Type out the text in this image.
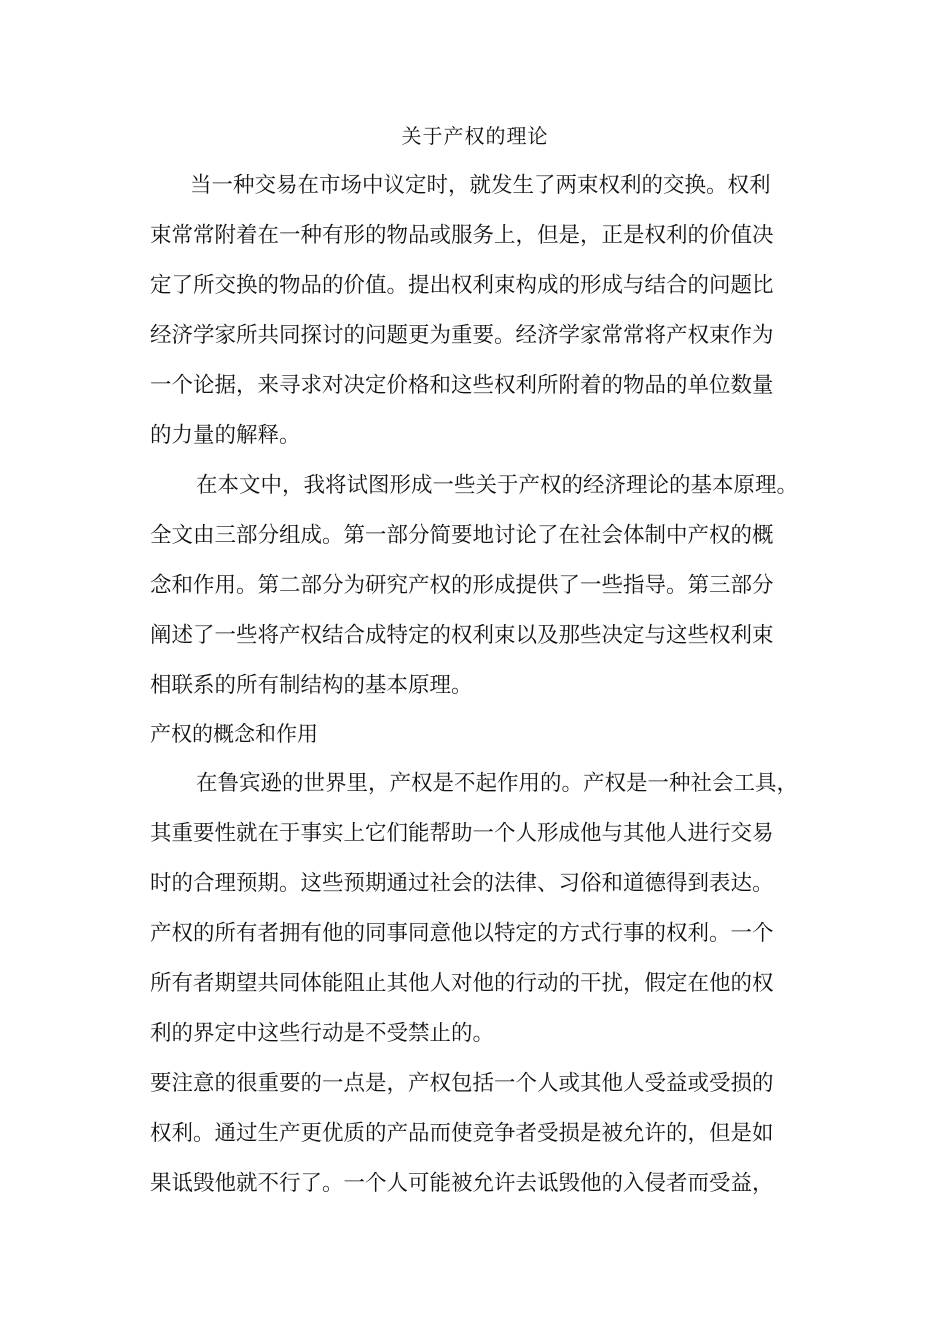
关于产权的理论
当一种交易在市场中议定时，就发生了两束权利的交换。权利
束常常附着在一种有形的物品或服务上，但是，正是权利的价值决
定了所交换的物品的价值。提出权利束构成的形成与结合的问题比
经济学家所共同探讨的问题更为重要。经济学家常常将产权束作为
一个论据，来寻求对决定价格和这些权利所附着的物品的单位数量
的力量的解释。
在本文中，我将试图形成一些关于产权的经济理论的基本原理。
全文由三部分组成。第一部分简要地讨论了在社会体制中产权的概
念和作用。第二部分为研究产权的形成提供了一些指导。第三部分
阐述了一些将产权结合成特定的权利束以及那些决定与这些权利束
相联系的所有制结构的基本原理。
产权的概念和作用
在鲁宾逊的世界里，产权是不起作用的。产权是一种社会工具，
其重要性就在于事实上它们能帮助一个人形成他与其他人进行交易
时的合理预期。这些预期通过社会的法律、习俗和道德得到表达。
产权的所有者拥有他的同事同意他以特定的方式行事的权利。一个
所有者期望共同体能阻止其他人对他的行动的干扰，假定在他的权
利的界定中这些行动是不受禁止的。
要注意的很重要的一点是，产权包括一个人或其他人受益或受损的
权利。通过生产更优质的产品而使竞争者受损是被允许的，但是如
果诋毁他就不行了。一个人可能被允许去诋毁他的入侵者而受益，
